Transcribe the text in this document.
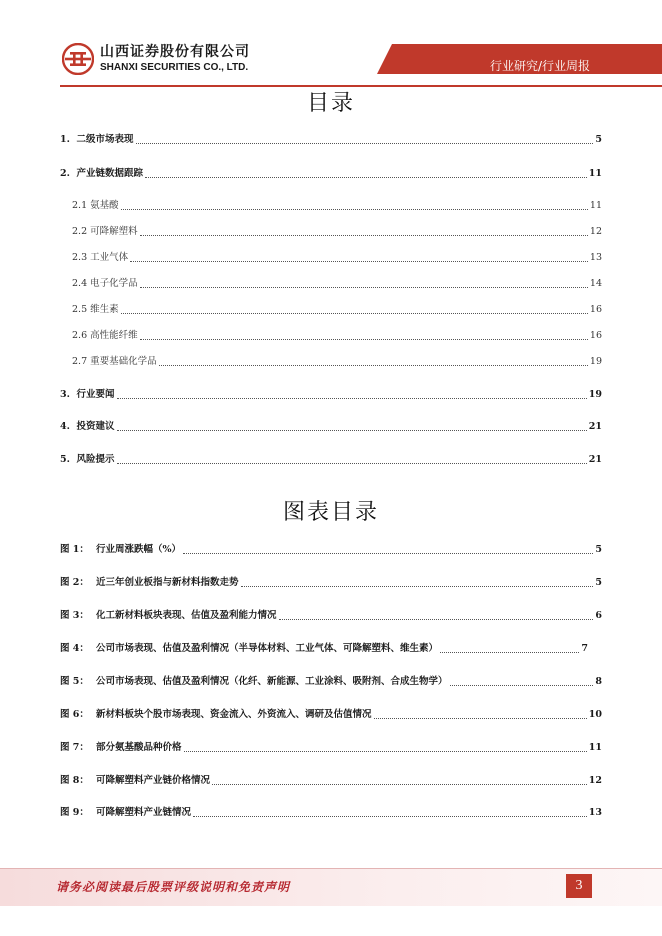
山西证券股份有限公司
SHANXI SECURITIES CO., LTD.	行业研究/行业周报
目录
1. 二级市场表现	5
2. 产业链数据跟踪	11
2.1 氨基酸	11
2.2 可降解塑料	12
2.3 工业气体	13
2.4 电子化学品	14
2.5 维生素	16
2.6 高性能纤维	16
2.7 重要基础化学品	19
3. 行业要闻	19
4. 投资建议	21
5. 风险提示	21
图表目录
图 1： 行业周涨跌幅（%）	5
图 2： 近三年创业板指与新材料指数走势	5
图 3： 化工新材料板块表现、估值及盈利能力情况	6
图 4： 公司市场表现、估值及盈利情况（半导体材料、工业气体、可降解塑料、维生素）	7
图 5： 公司市场表现、估值及盈利情况（化纤、新能源、工业涂料、吸附剂、合成生物学）	8
图 6： 新材料板块个股市场表现、资金流入、外资流入、调研及估值情况	10
图 7： 部分氨基酸品种价格	11
图 8： 可降解塑料产业链价格情况	12
图 9： 可降解塑料产业链情况	13
请务必阅读最后股票评级说明和免责声明	3
